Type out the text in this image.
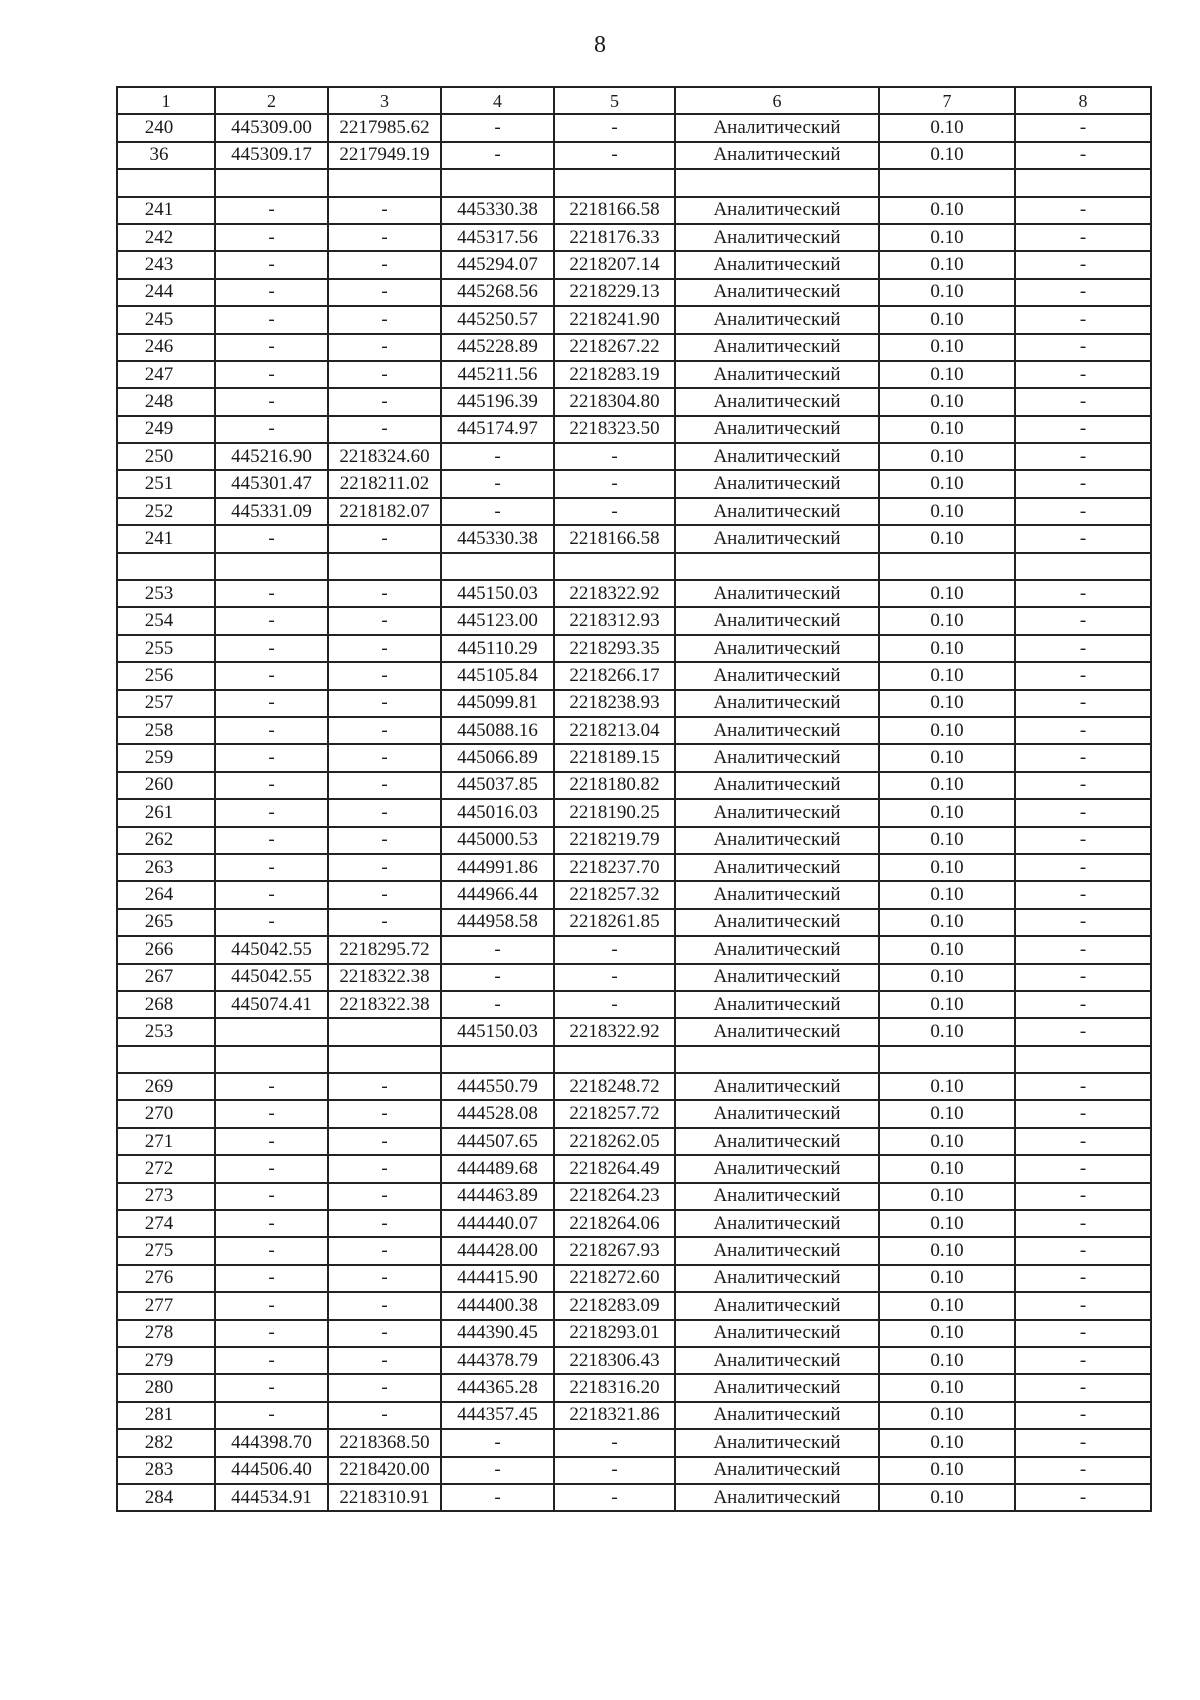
8
1	2	3	4	5	6	7	8
240	445309.00	2217985.62	-	-	Аналитический	0.10	-
36	445309.17	2217949.19	-	-	Аналитический	0.10	-

241	-	-	445330.38	2218166.58	Аналитический	0.10	-
242	-	-	445317.56	2218176.33	Аналитический	0.10	-
243	-	-	445294.07	2218207.14	Аналитический	0.10	-
244	-	-	445268.56	2218229.13	Аналитический	0.10	-
245	-	-	445250.57	2218241.90	Аналитический	0.10	-
246	-	-	445228.89	2218267.22	Аналитический	0.10	-
247	-	-	445211.56	2218283.19	Аналитический	0.10	-
248	-	-	445196.39	2218304.80	Аналитический	0.10	-
249	-	-	445174.97	2218323.50	Аналитический	0.10	-
250	445216.90	2218324.60	-	-	Аналитический	0.10	-
251	445301.47	2218211.02	-	-	Аналитический	0.10	-
252	445331.09	2218182.07	-	-	Аналитический	0.10	-
241	-	-	445330.38	2218166.58	Аналитический	0.10	-

253	-	-	445150.03	2218322.92	Аналитический	0.10	-
254	-	-	445123.00	2218312.93	Аналитический	0.10	-
255	-	-	445110.29	2218293.35	Аналитический	0.10	-
256	-	-	445105.84	2218266.17	Аналитический	0.10	-
257	-	-	445099.81	2218238.93	Аналитический	0.10	-
258	-	-	445088.16	2218213.04	Аналитический	0.10	-
259	-	-	445066.89	2218189.15	Аналитический	0.10	-
260	-	-	445037.85	2218180.82	Аналитический	0.10	-
261	-	-	445016.03	2218190.25	Аналитический	0.10	-
262	-	-	445000.53	2218219.79	Аналитический	0.10	-
263	-	-	444991.86	2218237.70	Аналитический	0.10	-
264	-	-	444966.44	2218257.32	Аналитический	0.10	-
265	-	-	444958.58	2218261.85	Аналитический	0.10	-
266	445042.55	2218295.72	-	-	Аналитический	0.10	-
267	445042.55	2218322.38	-	-	Аналитический	0.10	-
268	445074.41	2218322.38	-	-	Аналитический	0.10	-
253			445150.03	2218322.92	Аналитический	0.10	-

269	-	-	444550.79	2218248.72	Аналитический	0.10	-
270	-	-	444528.08	2218257.72	Аналитический	0.10	-
271	-	-	444507.65	2218262.05	Аналитический	0.10	-
272	-	-	444489.68	2218264.49	Аналитический	0.10	-
273	-	-	444463.89	2218264.23	Аналитический	0.10	-
274	-	-	444440.07	2218264.06	Аналитический	0.10	-
275	-	-	444428.00	2218267.93	Аналитический	0.10	-
276	-	-	444415.90	2218272.60	Аналитический	0.10	-
277	-	-	444400.38	2218283.09	Аналитический	0.10	-
278	-	-	444390.45	2218293.01	Аналитический	0.10	-
279	-	-	444378.79	2218306.43	Аналитический	0.10	-
280	-	-	444365.28	2218316.20	Аналитический	0.10	-
281	-	-	444357.45	2218321.86	Аналитический	0.10	-
282	444398.70	2218368.50	-	-	Аналитический	0.10	-
283	444506.40	2218420.00	-	-	Аналитический	0.10	-
284	444534.91	2218310.91	-	-	Аналитический	0.10	-
